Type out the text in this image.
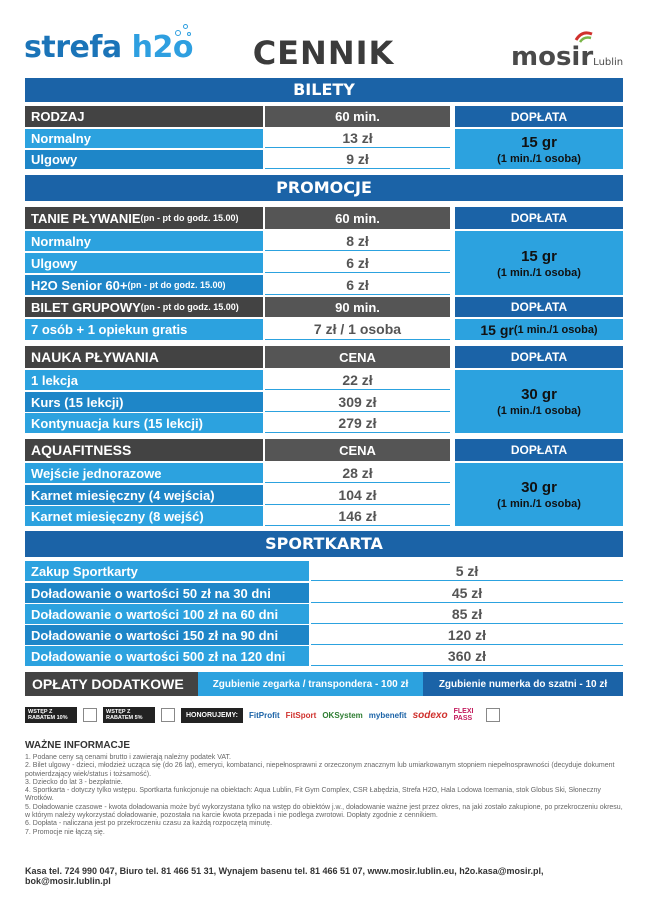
strefa h2o	CENNIK	mosirLublin
BILETY
RODZAJ	60 min.	DOPŁATA
Normalny	13 zł
Ulgowy	9 zł
15 gr
(1 min./1 osoba)
PROMOCJE
TANIE PŁYWANIE (pn - pt do godz. 15.00)	60 min.	DOPŁATA
Normalny	8 zł
Ulgowy	6 zł
H2O Senior 60+ (pn - pt do godz. 15.00)	6 zł
15 gr
(1 min./1 osoba)
BILET GRUPOWY (pn - pt do godz. 15.00)	90 min.	DOPŁATA
7 osób + 1 opiekun gratis	7 zł / 1 osoba	15 gr (1 min./1 osoba)
NAUKA PŁYWANIA	CENA	DOPŁATA
1 lekcja	22 zł
Kurs (15 lekcji)	309 zł
Kontynuacja kurs (15 lekcji)	279 zł
30 gr
(1 min./1 osoba)
AQUAFITNESS	CENA	DOPŁATA
Wejście jednorazowe	28 zł
Karnet miesięczny (4 wejścia)	104 zł
Karnet miesięczny (8 wejść)	146 zł
30 gr
(1 min./1 osoba)
SPORTKARTA
Zakup Sportkarty	5 zł
Doładowanie o wartości 50 zł na 30 dni	45 zł
Doładowanie o wartości 100 zł na 60 dni	85 zł
Doładowanie o wartości 150 zł na 90 dni	120 zł
Doładowanie o wartości 500 zł na 120 dni	360 zł
OPŁATY DODATKOWE	Zgubienie zegarka / transpondera - 100 zł	Zgubienie numerka do szatni - 10 zł
WSTĘP Z RABATEM 10%
WSTĘP Z RABATEM 5%	HONORUJEMY:	FitProfit FitSport OKSystem mybenefit sodexo FLEXI PASS
WAŻNE INFORMACJE
1. Podane ceny są cenami brutto i zawierają należny podatek VAT.
2. Bilet ulgowy - dzieci, młodzież ucząca się (do 26 lat), emeryci, kombatanci, niepełnosprawni z orzeczonym znacznym lub umiarkowanym stopniem niepełnosprawności (decyduje dokument potwierdzający wiek/status i tożsamość).
3. Dziecko do lat 3 - bezpłatnie.
4. Sportkarta - dotyczy tylko wstępu. Sportkarta funkcjonuje na obiektach: Aqua Lublin, Fit Gym Complex, CSR Łabędzia, Strefa H2O, Hala Lodowa Icemania, stok Globus Ski, Słoneczny Wrotków.
5. Doładowanie czasowe - kwota doładowania może być wykorzystana tylko na wstęp do obiektów j.w., doładowanie ważne jest przez okres, na jaki zostało zakupione, po przekroczeniu okresu, w którym należy wykorzystać doładowanie, pozostała na karcie kwota przepada i nie podlega zwrotowi. Dopłaty zgodnie z cennikiem.
6. Dopłata - naliczana jest po przekroczeniu czasu za każdą rozpoczętą minutę.
7. Promocje nie łączą się.
Kasa tel. 724 990 047, Biuro tel. 81 466 51 31, Wynajem basenu tel. 81 466 51 07, www.mosir.lublin.eu, h2o.kasa@mosir.pl, bok@mosir.lublin.pl
